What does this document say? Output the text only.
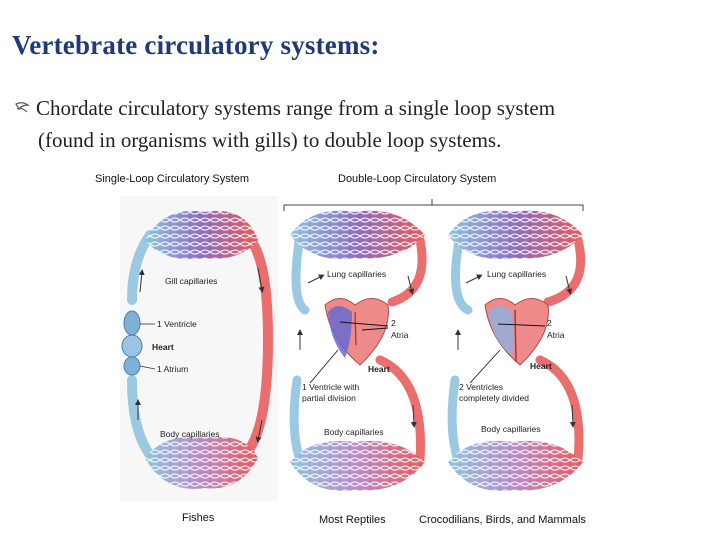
Vertebrate circulatory systems:
Chordate circulatory systems range from a single loop system
(found in organisms with gills) to double loop systems.
Single-Loop Circulatory System	Double-Loop Circulatory System
Gill capillaries
1 Ventricle
Heart
1 Atrium
Body capillaries
Lung capillaries
2
Atria
Heart
1 Ventricle with
partial division
Body capillaries
Lung capillaries
2
Atria
Heart
2 Ventricles
completely divided
Body capillaries
Fishes	Most Reptiles	Crocodilians, Birds, and Mammals
